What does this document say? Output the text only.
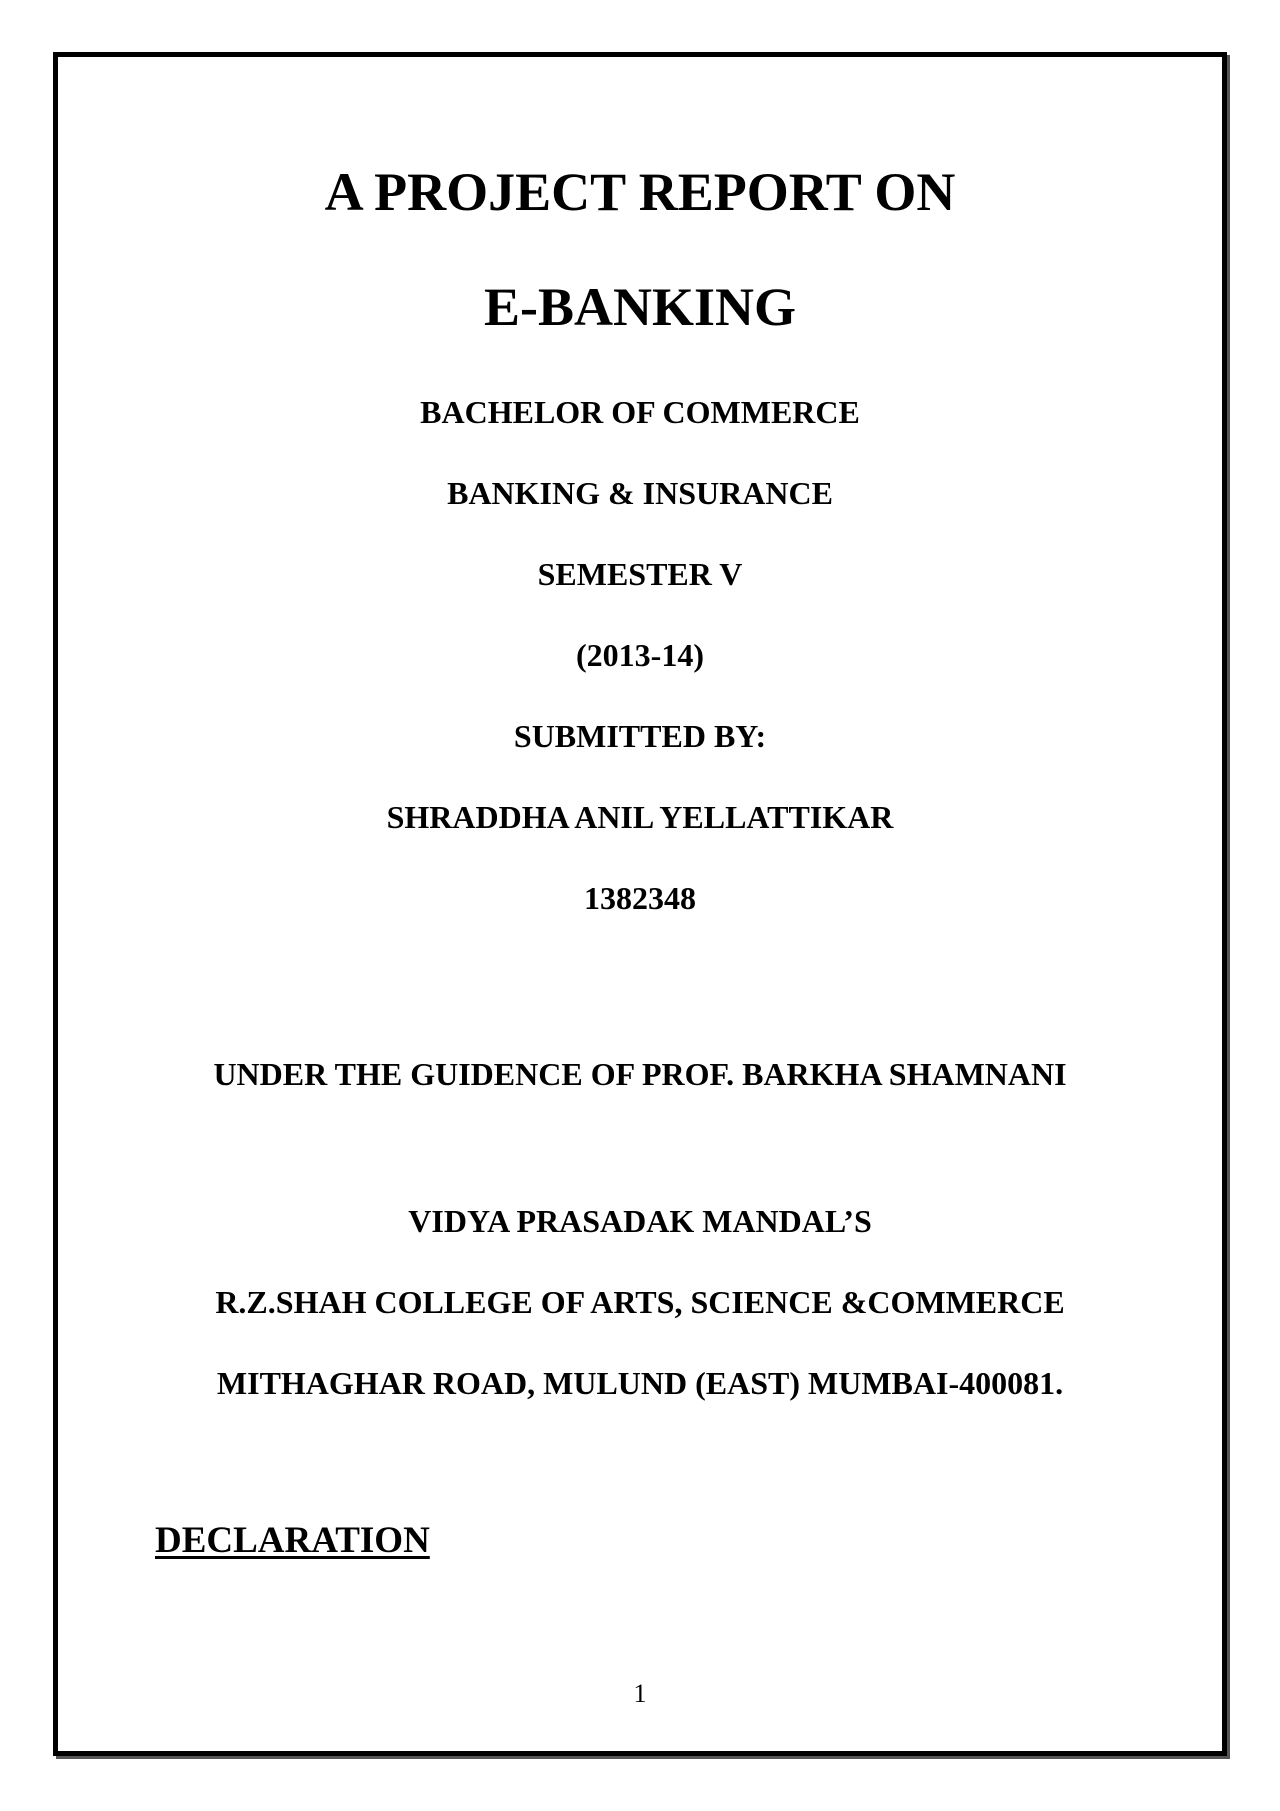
A PROJECT REPORT ON
E-BANKING
BACHELOR OF COMMERCE
BANKING & INSURANCE
SEMESTER V
(2013-14)
SUBMITTED BY:
SHRADDHA ANIL YELLATTIKAR
1382348
UNDER THE GUIDENCE OF PROF. BARKHA SHAMNANI
VIDYA PRASADAK MANDAL’S
R.Z.SHAH COLLEGE OF ARTS, SCIENCE &COMMERCE
MITHAGHAR ROAD, MULUND (EAST) MUMBAI-400081.
DECLARATION
1
